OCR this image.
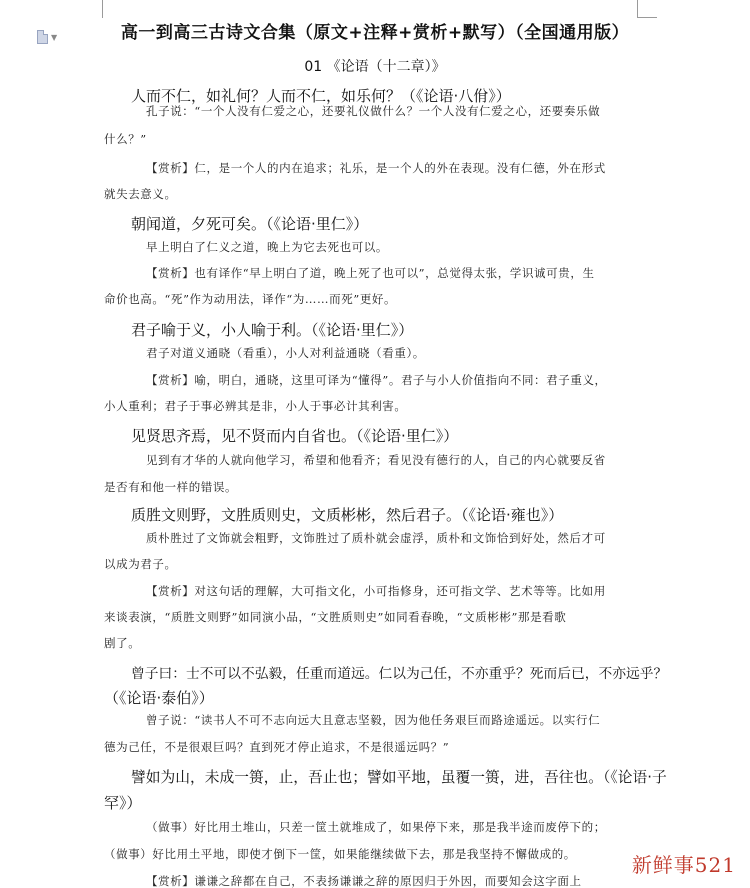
▼	高一到高三古诗文合集（原文+注释+赏析+默写）（全国通用版）
01 《论语（十二章）》
人而不仁，如礼何？人而不仁，如乐何？（《论语·八佾》）
孔子说：“一个人没有仁爱之心，还要礼仪做什么？一个人没有仁爱之心，还要奏乐做
什么？”
【赏析】仁，是一个人的内在追求；礼乐，是一个人的外在表现。没有仁德，外在形式
就失去意义。
朝闻道，夕死可矣。（《论语·里仁》）
早上明白了仁义之道，晚上为它去死也可以。
【赏析】也有译作“早上明白了道，晚上死了也可以”，总觉得太张，学识诚可贵，生
命价也高。“死”作为动用法，译作“为……而死”更好。
君子喻于义，小人喻于利。（《论语·里仁》）
君子对道义通晓（看重），小人对利益通晓（看重）。
【赏析】喻，明白，通晓，这里可译为“懂得”。君子与小人价值指向不同：君子重义，
小人重利；君子于事必辨其是非，小人于事必计其利害。
见贤思齐焉，见不贤而内自省也。（《论语·里仁》）
见到有才华的人就向他学习，希望和他看齐；看见没有德行的人，自己的内心就要反省
是否有和他一样的错误。
质胜文则野，文胜质则史，文质彬彬，然后君子。（《论语·雍也》）
质朴胜过了文饰就会粗野，文饰胜过了质朴就会虚浮，质朴和文饰恰到好处，然后才可
以成为君子。
【赏析】对这句话的理解，大可指文化，小可指修身，还可指文学、艺术等等。比如用
来谈表演，“质胜文则野”如同演小品，“文胜质则史”如同看春晚，“文质彬彬”那是看歌
剧了。
曾子曰：士不可以不弘毅，任重而道远。仁以为己任，不亦重乎？死而后已，不亦远乎？
（《论语·泰伯》）
曾子说：“读书人不可不志向远大且意志坚毅，因为他任务艰巨而路途遥远。以实行仁
德为己任，不是很艰巨吗？直到死才停止追求，不是很遥远吗？”
譬如为山，未成一篑，止，吾止也；譬如平地，虽覆一篑，进，吾往也。（《论语·子
罕》）
（做事）好比用土堆山，只差一筐土就堆成了，如果停下来，那是我半途而废停下的；
（做事）好比用土平地，即使才倒下一筐，如果能继续做下去，那是我坚持不懈做成的。
【赏析】谦谦之辞都在自己，不表扬谦谦之辞的原因归于外因，而要知会这字面上
新鲜事521
